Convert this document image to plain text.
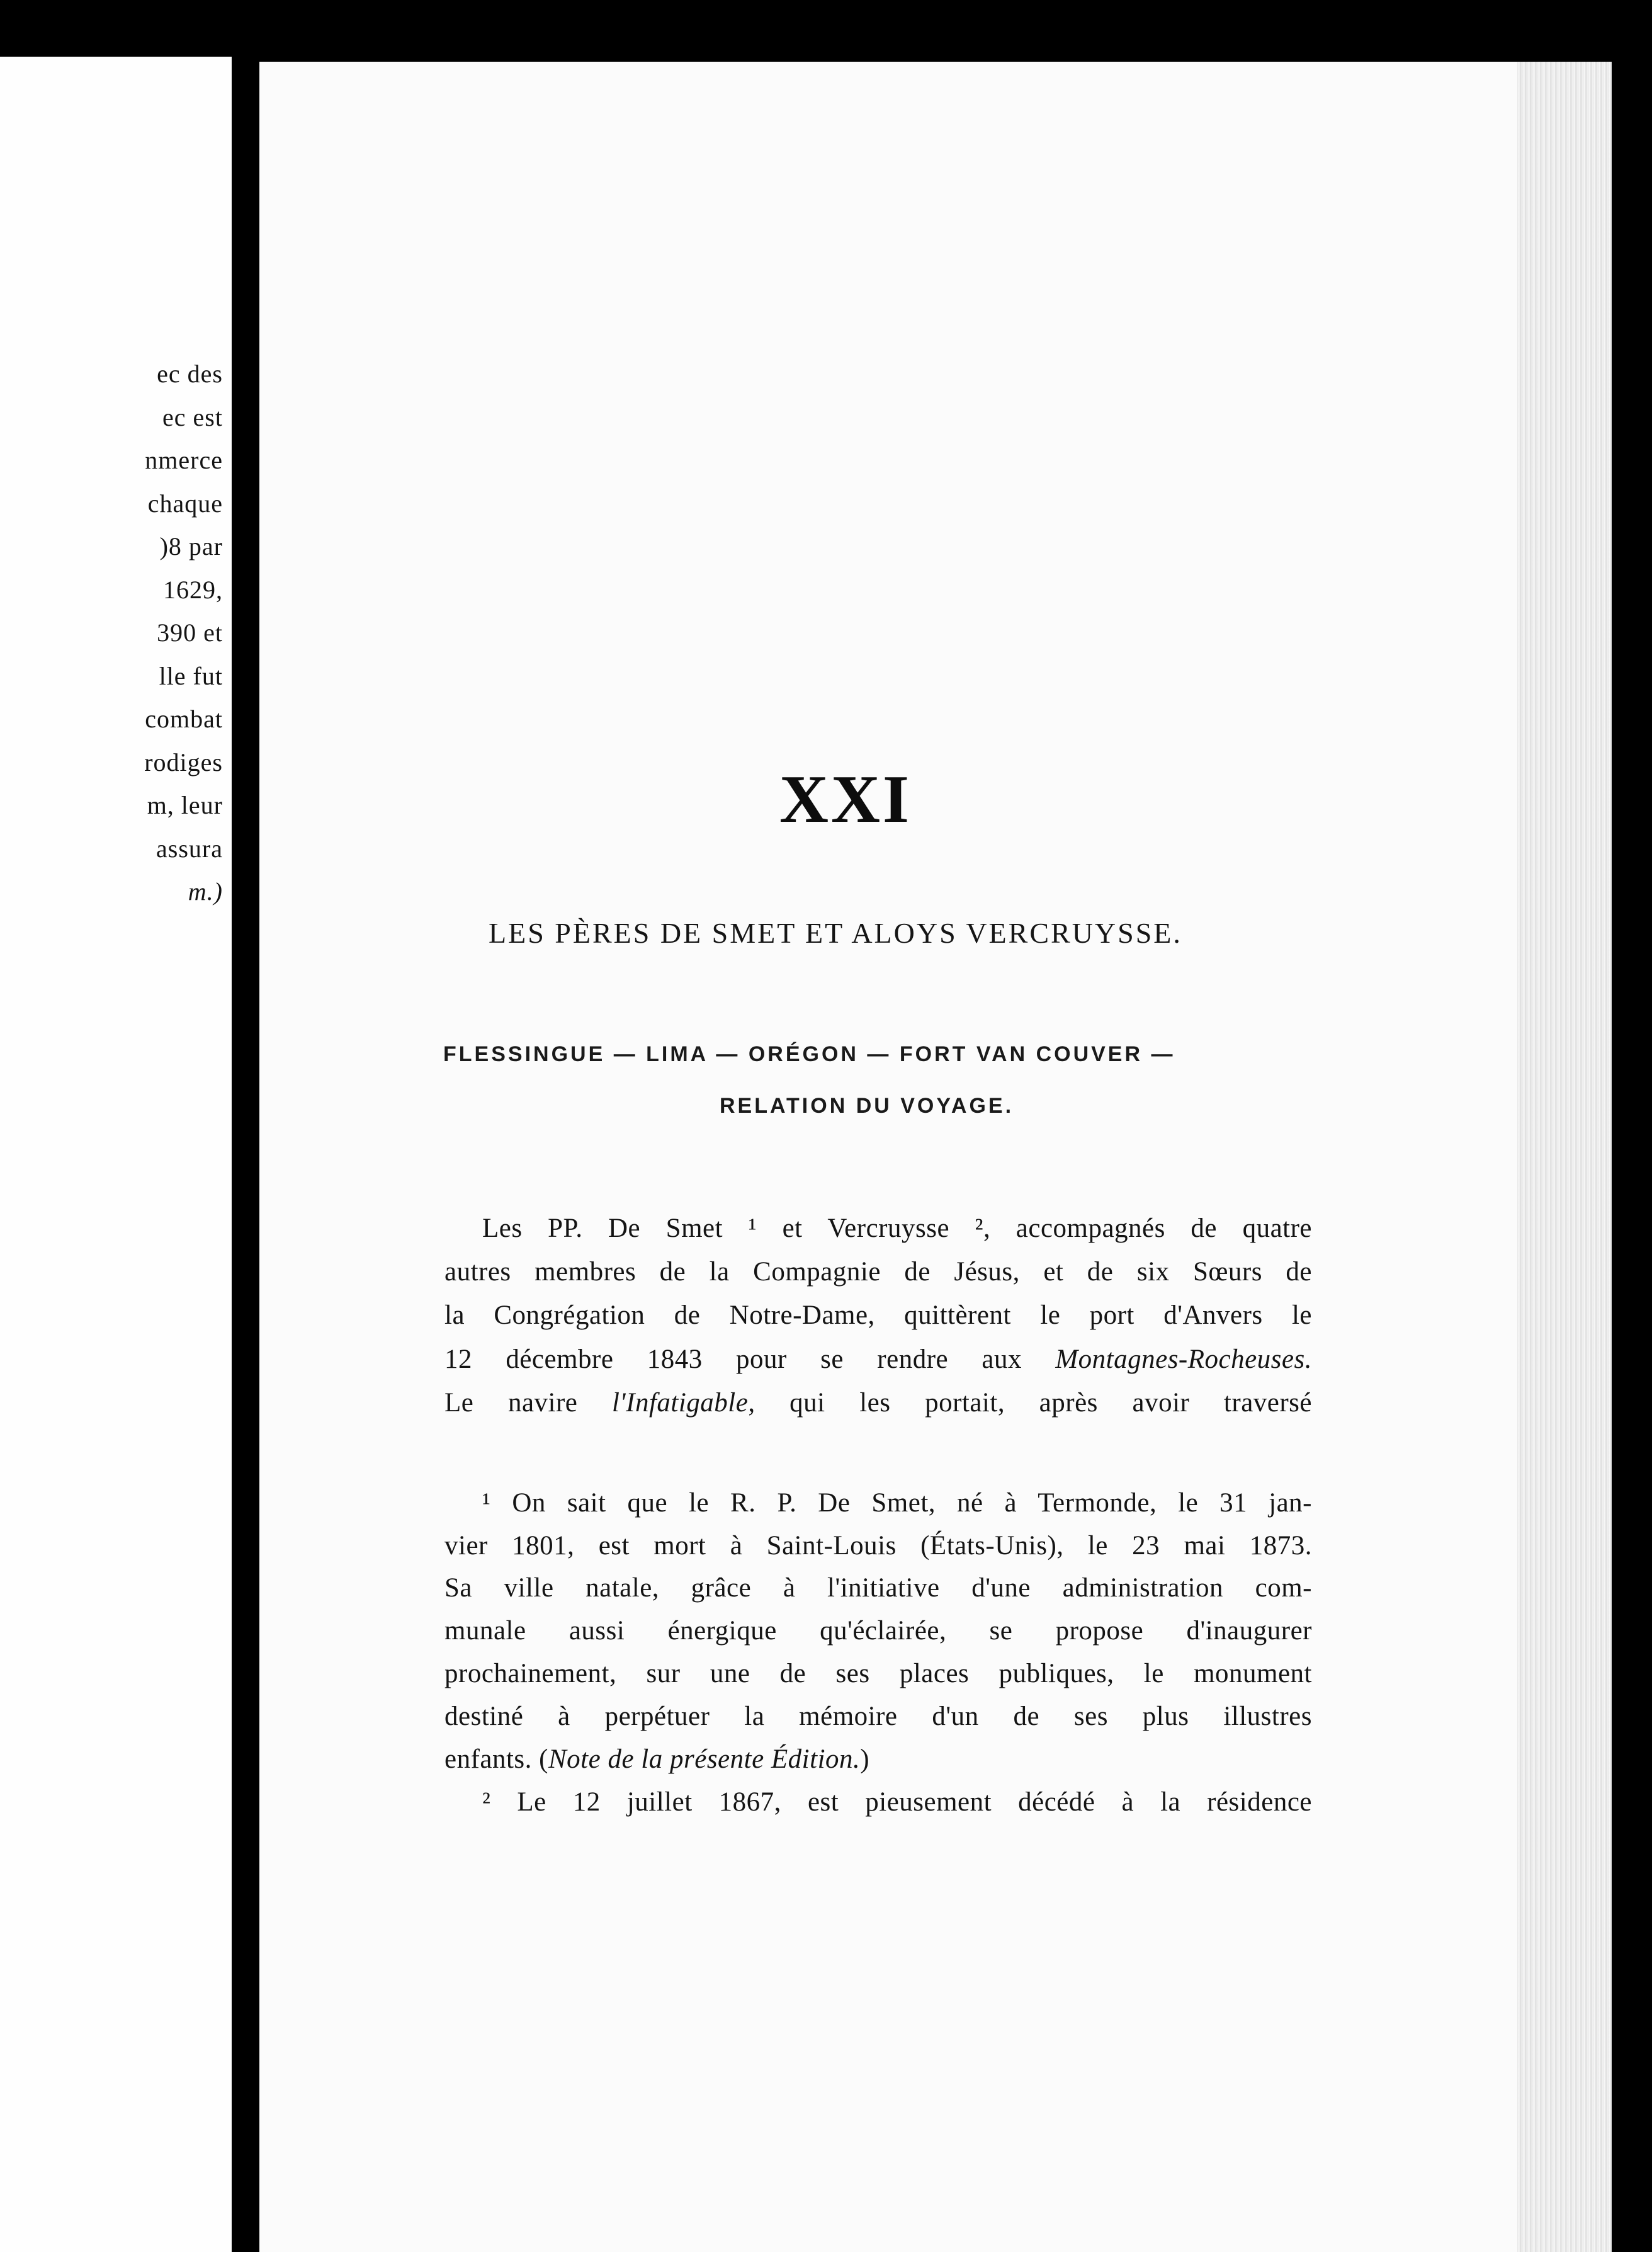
ec des
ec est
nmerce
chaque
)8 par
1629,
390 et
lle fut
combat
rodiges
m, leur
assura
m.)
XXI
LES PÈRES DE SMET ET ALOYS VERCRUYSSE.
FLESSINGUE — LIMA — ORÉGON — FORT VAN COUVER —
RELATION DU VOYAGE.
Les PP. De Smet ¹ et Vercruysse ², accompagnés de quatre
autres membres de la Compagnie de Jésus, et de six Sœurs de
la Congrégation de Notre-Dame, quittèrent le port d'Anvers le
12 décembre 1843 pour se rendre aux Montagnes-Rocheuses.
Le navire l'Infatigable, qui les portait, après avoir traversé
¹ On sait que le R. P. De Smet, né à Termonde, le 31 jan-
vier 1801, est mort à Saint-Louis (États-Unis), le 23 mai 1873.
Sa ville natale, grâce à l'initiative d'une administration com-
munale aussi énergique qu'éclairée, se propose d'inaugurer
prochainement, sur une de ses places publiques, le monument
destiné à perpétuer la mémoire d'un de ses plus illustres
enfants. (Note de la présente Édition.)
² Le 12 juillet 1867, est pieusement décédé à la résidence
